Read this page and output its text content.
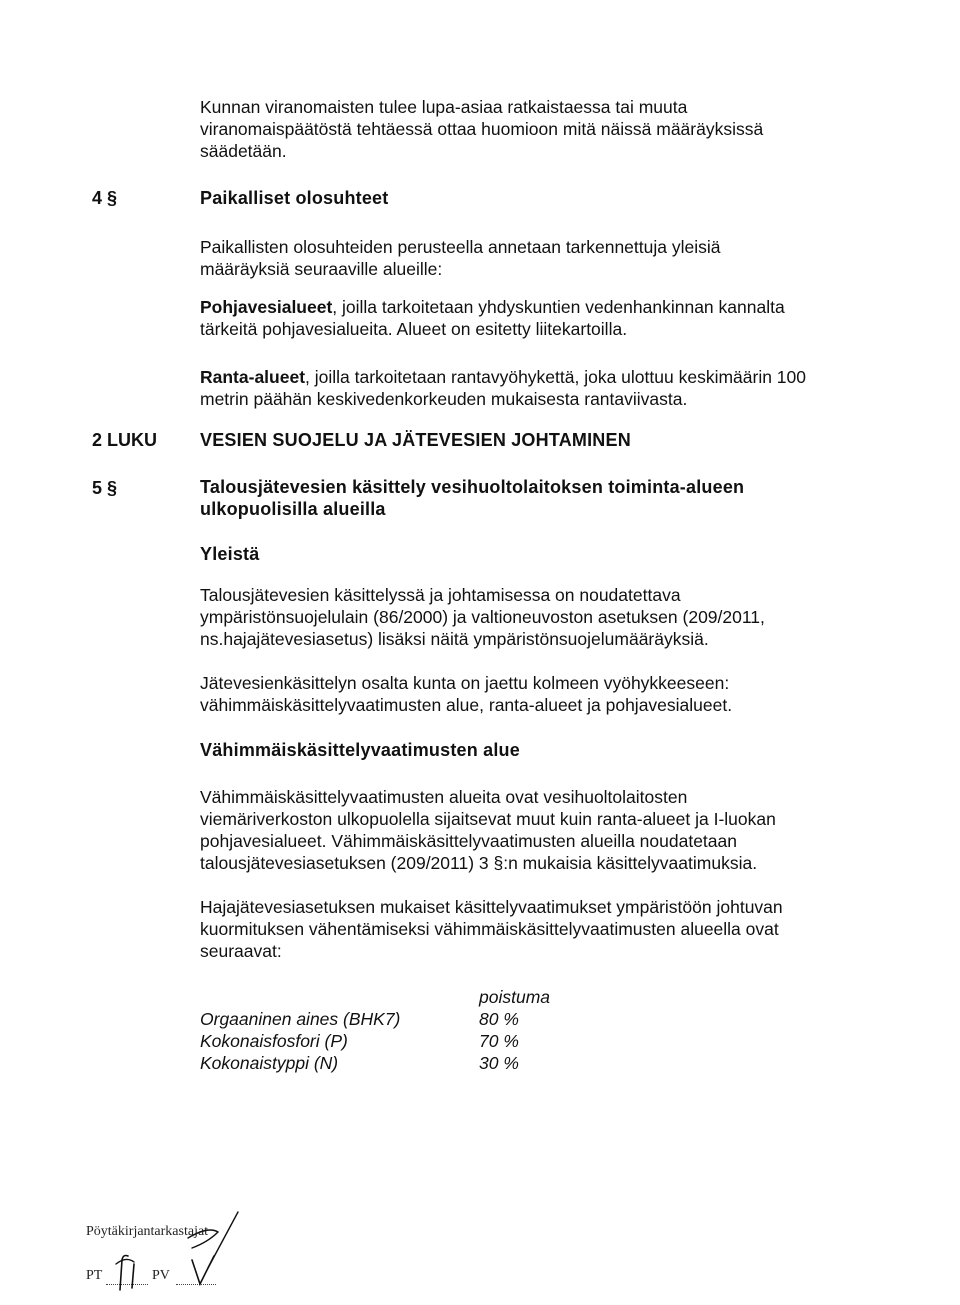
Kunnan viranomaisten tulee lupa-asiaa ratkaistaessa tai muuta
viranomaispäätöstä tehtäessä ottaa huomioon mitä näissä määräyksissä
säädetään.
4 §	Paikalliset olosuhteet
Paikallisten olosuhteiden perusteella annetaan tarkennettuja yleisiä
määräyksiä seuraaville alueille:
Pohjavesialueet, joilla tarkoitetaan yhdyskuntien vedenhankinnan kannalta
tärkeitä pohjavesialueita. Alueet on esitetty liitekartoilla.
Ranta-alueet, joilla tarkoitetaan rantavyöhykettä, joka ulottuu keskimäärin 100
metrin päähän keskivedenkorkeuden mukaisesta rantaviivasta.
2 LUKU VESIEN SUOJELU JA JÄTEVESIEN JOHTAMINEN
5 §	Talousjätevesien käsittely vesihuoltolaitoksen toiminta-alueen
ulkopuolisilla alueilla
Yleistä
Talousjätevesien käsittelyssä ja johtamisessa on noudatettava
ympäristönsuojelulain (86/2000) ja valtioneuvoston asetuksen (209/2011,
ns.hajajätevesiasetus) lisäksi näitä ympäristönsuojelumääräyksiä.
Jätevesienkäsittelyn osalta kunta on jaettu kolmeen vyöhykkeeseen:
vähimmäiskäsittelyvaatimusten alue, ranta-alueet ja pohjavesialueet.
Vähimmäiskäsittelyvaatimusten alue
Vähimmäiskäsittelyvaatimusten alueita ovat vesihuoltolaitosten
viemäriverkoston ulkopuolella sijaitsevat muut kuin ranta-alueet ja I-luokan
pohjavesialueet. Vähimmäiskäsittelyvaatimusten alueilla noudatetaan
talousjätevesiasetuksen (209/2011) 3 §:n mukaisia käsittelyvaatimuksia.
Hajajätevesiasetuksen mukaiset käsittelyvaatimukset ympäristöön johtuvan
kuormituksen vähentämiseksi vähimmäiskäsittelyvaatimusten alueella ovat
seuraavat:
poistuma
Orgaaninen aines (BHK7)	80 %
Kokonaisfosfori (P)	70 %
Kokonaistyppi (N)	30 %
Pöytäkirjantarkastajat
PT	PV
